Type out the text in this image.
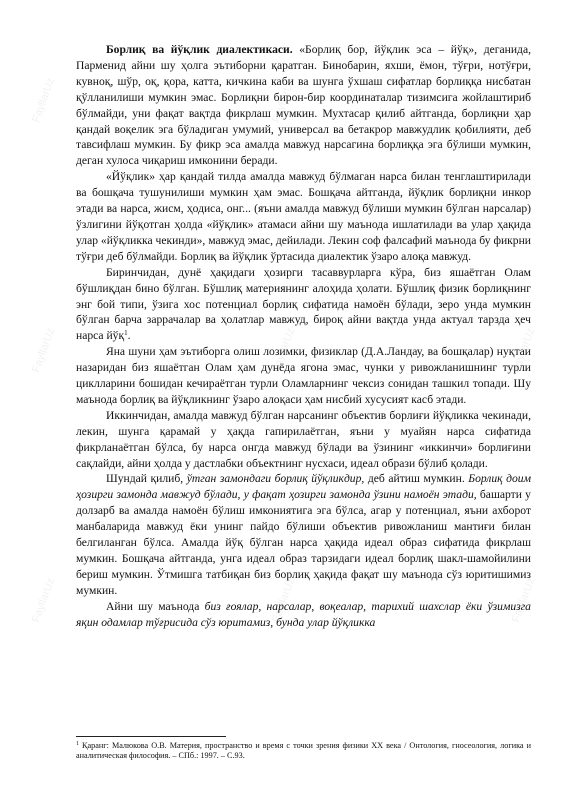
FayllarUz
FayllarUz
FayllarUz
FayllarUz
FayllarUz
FayllarUz
FayllarUz
FayllarUz
FayllarUz

Борлиқ ва йўқлик диалектикаси. «Борлиқ бор, йўқлик эса – йўқ», деганида, Парменид айни шу ҳолга эътиборни қаратган. Бинобарин, яхши, ёмон, тўғри, нотўғри, кувноқ, шўр, оқ, қора, катта, кичкина каби ва шунга ўхшаш сифатлар борлиққа нисбатан қўлланилиши мумкин эмас. Борлиқни бирон-бир координаталар тизимсига жойлаштириб бўлмайди, уни фақат вақтда фикрлаш мумкин. Мухтасар қилиб айтганда, борлиқни ҳар қандай воқелик эга бўладиган умумий, универсал ва бетакрор мавжудлик қобилияти, деб тавсифлаш мумкин. Бу фикр эса амалда мавжуд нарсагина борлиққа эга бўлиши мумкин, деган хулоса чиқариш имконини беради.

«Йўқлик» ҳар қандай тилда амалда мавжуд бўлмаган нарса билан тенглаштирилади ва бошқача тушунилиши мумкин ҳам эмас. Бошқача айтганда, йўқлик борлиқни инкор этади ва нарса, жисм, ҳодиса, онг... (яъни амалда мавжуд бўлиши мумкин бўлган нарсалар) ўзлигини йўқотган ҳолда «йўқлик» атамаси айни шу маънода ишлатилади ва улар ҳақида улар «йўқликка чекинди», мавжуд эмас, дейилади. Лекин соф фалсафий маънода бу фикрни тўғри деб бўлмайди. Борлиқ ва йўқлик ўртасида диалектик ўзаро алоқа мавжуд.

Биринчидан, дунё ҳақидаги ҳозирги тасаввурларга кўра, биз яшаётган Олам бўшлиқдан бино бўлган. Бўшлиқ материянинг алоҳида ҳолати. Бўшлиқ физик борлиқнинг энг бой типи, ўзига хос потенциал борлиқ сифатида намоён бўлади, зеро унда мумкин бўлган барча заррачалар ва ҳолатлар мавжуд, бироқ айни вақтда унда актуал тарзда ҳеч нарса йўқ$^1$.

Яна шуни ҳам эътиборга олиш лозимки, физиклар (Д.А.Ландау, ва бошқалар) нуқтаи назаридан биз яшаётган Олам ҳам дунёда ягона эмас, чунки у ривожланишнинг турли циклларини бошидан кечираётган турли Оламларнинг чексиз сонидан ташкил топади. Шу маънода борлиқ ва йўқликнинг ўзаро алоқаси ҳам нисбий хусусият касб этади.

Иккинчидан, амалда мавжуд бўлган нарсанинг объектив борлиғи йўқликка чекинади, лекин, шунга қарамай у ҳақда гапирилаётган, яъни у муайян нарса сифатида фикрланаётган бўлса, бу нарса онгда мавжуд бўлади ва ўзининг «иккинчи» борлиғини сақлайди, айни ҳолда у дастлабки объектнинг нусхаси, идеал образи бўлиб қолади.

Шундай қилиб, ўтган замондаги борлиқ йўқликдир, деб айтиш мумкин. Борлиқ доим ҳозирги замонда мавжуд бўлади, у фақат ҳозирги замонда ўзини намоён этади, башарти у долзарб ва амалда намоён бўлиш имкониятига эга бўлса, агар у потенциал, яъни ахборот манбаларида мавжуд ёки унинг пайдо бўлиши объектив ривожланиш мантиғи билан белгиланган бўлса. Амалда йўқ бўлган нарса ҳақида идеал образ сифатида фикрлаш мумкин. Бошқача айтганда, унга идеал образ тарзидаги идеал борлиқ шакл-шамойилини бериш мумкин. Ўтмишга татбиқан биз борлиқ ҳақида фақат шу маънода сўз юритишимиз мумкин.

Айни шу маънода биз ғоялар, нарсалар, воқеалар, тарихий шахслар ёки ўзимизга яқин одамлар тўғрисида сўз юритамиз, бунда улар йўқликка

$^1$ Қаранг: Малюкова О.В. Материя, пространство и время с точки зрения физики XX века / Онтология, гносеология, логика и аналитическая философия. – СПб.: 1997. – С.93.
